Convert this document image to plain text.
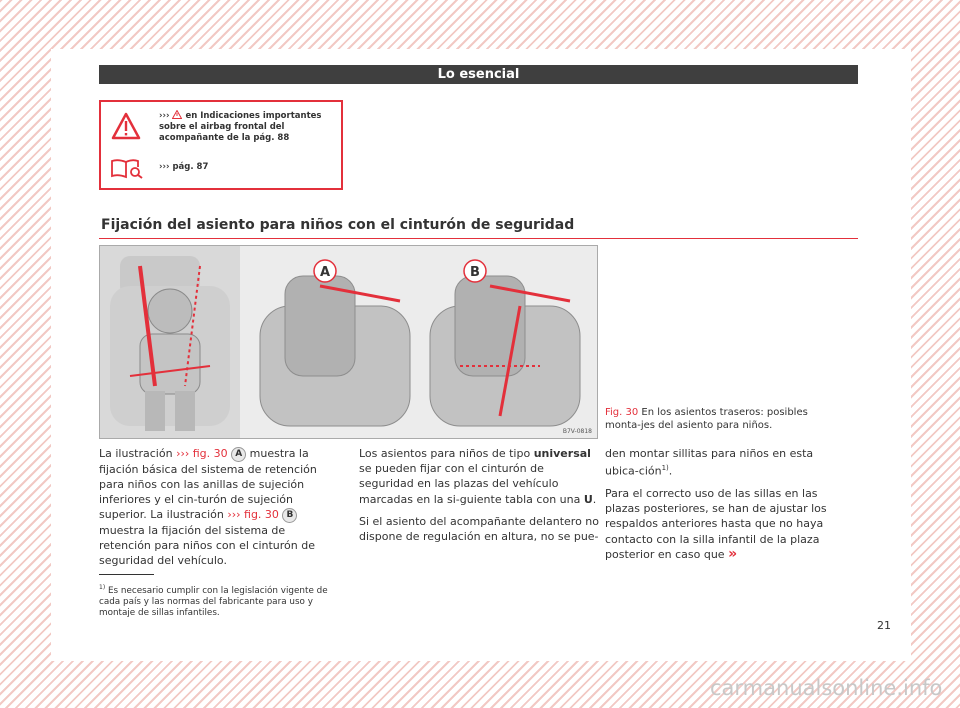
Lo esencial
›››  en Indicaciones importantes sobre el airbag frontal del acompañante de la pág. 88
››› pág. 87
Fijación del asiento para niños con el cinturón de seguridad
A	B
B7V-0818
Fig. 30 En los asientos traseros: posibles monta-jes del asiento para niños.

La ilustración ››› fig. 30 A muestra la fijación básica del sistema de retención para niños con las anillas de sujeción inferiores y el cin-turón de sujeción superior. La ilustración ››› fig. 30 B muestra la fijación del sistema de retención para niños con el cinturón de seguridad del vehículo.

Los asientos para niños de tipo universal se pueden fijar con el cinturón de seguridad en las plazas del vehículo marcadas en la si-guiente tabla con una U.

Si el asiento del acompañante delantero no dispone de regulación en altura, no se pue-

den montar sillitas para niños en esta ubica-ción$^{1)}$.

Para el correcto uso de las sillas en las plazas posteriores, se han de ajustar los respaldos anteriores hasta que no haya contacto con la silla infantil de la plaza posterior en caso que »

$^{1)}$ Es necesario cumplir con la legislación vigente de cada país y las normas del fabricante para uso y montaje de sillas infantiles.
21
carmanualsonline.info
